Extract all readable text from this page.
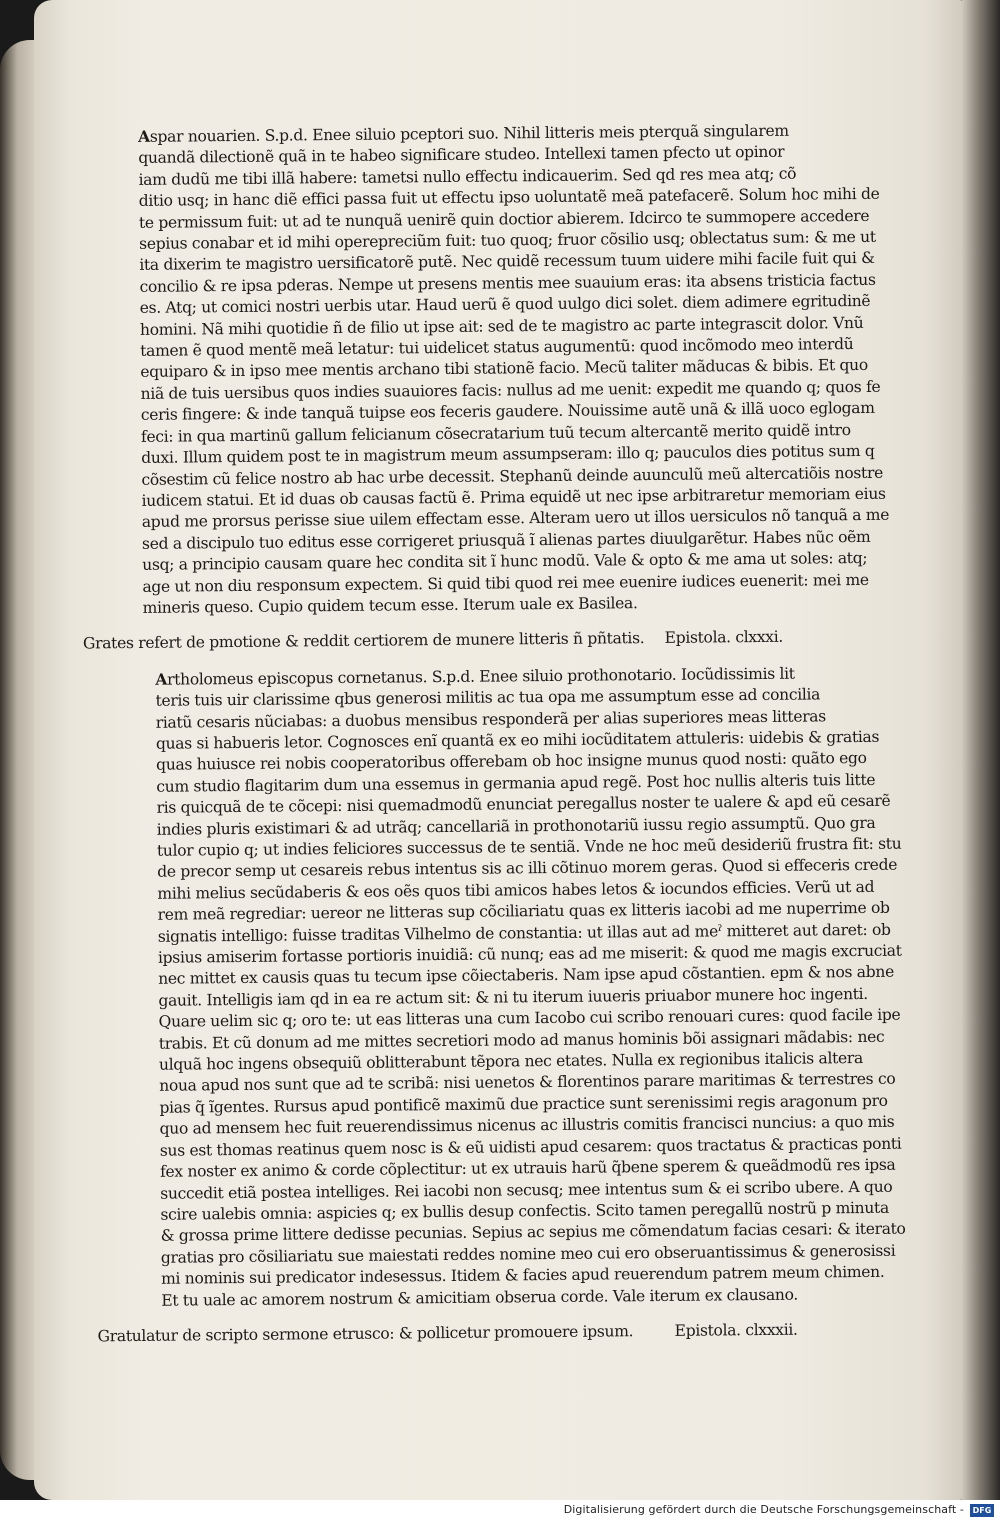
Aspar nouarien. S.p.d. Enee siluio pceptori suo. Nihil litteris meis pterquã singularem
quandã dilectionẽ quã in te habeo significare studeo. Intellexi tamen pfecto ut opinor
iam dudũ me tibi illã habere: tametsi nullo effectu indicauerim. Sed qd res mea atq; cõ
ditio usq; in hanc diẽ effici passa fuit ut effectu ipso uoluntatẽ meã patefacerẽ. Solum hoc mihi de
te permissum fuit: ut ad te nunquã uenirẽ quin doctior abierem. Idcirco te summopere accedere
sepius conabar et id mihi operepreciũm fuit: tuo quoq; fruor cõsilio usq; oblectatus sum: & me ut
ita dixerim te magistro uersificatorẽ putẽ. Nec quidẽ recessum tuum uidere mihi facile fuit qui &
concilio & re ipsa pderas. Nempe ut presens mentis mee suauium eras: ita absens tristicia factus
es. Atq; ut comici nostri uerbis utar. Haud uerũ ẽ quod uulgo dici solet. diem adimere egritudinẽ
homini. Nã mihi quotidie ñ de filio ut ipse ait: sed de te magistro ac parte integrascit dolor. Vnũ
tamen ẽ quod mentẽ meã letatur: tui uidelicet status augumentũ: quod incõmodo meo interdũ
equiparo & in ipso mee mentis archano tibi stationẽ facio. Mecũ taliter mãducas & bibis. Et quo
niã de tuis uersibus quos indies suauiores facis: nullus ad me uenit: expedit me quando q; quos fe
ceris fingere: & inde tanquã tuipse eos feceris gaudere. Nouissime autẽ unã & illã uoco eglogam
feci: in qua martinũ gallum felicianum cõsecratarium tuũ tecum altercantẽ merito quidẽ intro
duxi. Illum quidem post te in magistrum meum assumpseram: illo q; pauculos dies potitus sum q
cõsestim cũ felice nostro ab hac urbe decessit. Stephanũ deinde auunculũ meũ altercatiõis nostre
iudicem statui. Et id duas ob causas factũ ẽ. Prima equidẽ ut nec ipse arbitraretur memoriam eius
apud me prorsus perisse siue uilem effectam esse. Alteram uero ut illos uersiculos nõ tanquã a me
sed a discipulo tuo editus esse corrigeret priusquã ĩ alienas partes diuulgarẽtur. Habes nũc oẽm
usq; a principio causam quare hec condita sit ĩ hunc modũ. Vale & opto & me ama ut soles: atq;
age ut non diu responsum expectem. Si quid tibi quod rei mee euenire iudices euenerit: mei me
mineris queso. Cupio quidem tecum esse. Iterum uale ex Basilea.
Grates refert de pmotione & reddit certiorem de munere litteris ñ pñtatis. Epistola. clxxxi.
Artholomeus episcopus cornetanus. S.p.d. Enee siluio prothonotario. Iocũdissimis lit
teris tuis uir clarissime qbus generosi militis ac tua opa me assumptum esse ad concilia
riatũ cesaris nũciabas: a duobus mensibus responderã per alias superiores meas litteras
quas si habueris letor. Cognosces enĩ quantã ex eo mihi iocũditatem attuleris: uidebis & gratias
quas huiusce rei nobis cooperatoribus offerebam ob hoc insigne munus quod nosti: quãto ego
cum studio flagitarim dum una essemus in germania apud regẽ. Post hoc nullis alteris tuis litte
ris quicquã de te cõcepi: nisi quemadmodũ enunciat peregallus noster te ualere & apd eũ cesarẽ
indies pluris existimari & ad utrãq; cancellariã in prothonotariũ iussu regio assumptũ. Quo gra
tulor cupio q; ut indies feliciores successus de te sentiã. Vnde ne hoc meũ desideriũ frustra fit: stu
de precor semp ut cesareis rebus intentus sis ac illi cõtinuo morem geras. Quod si effeceris crede
mihi melius secũdaberis & eos oẽs quos tibi amicos habes letos & iocundos efficies. Verũ ut ad
rem meã regrediar: uereor ne litteras sup cõciliariatu quas ex litteris iacobi ad me nuperrime ob
signatis intelligo: fuisse traditas Vilhelmo de constantia: ut illas aut ad meˀ mitteret aut daret: ob
ipsius amiserim fortasse portioris inuidiã: cũ nunq; eas ad me miserit: & quod me magis excruciat
nec mittet ex causis quas tu tecum ipse cõiectaberis. Nam ipse apud cõstantien. epm & nos abne
gauit. Intelligis iam qd in ea re actum sit: & ni tu iterum iuueris priuabor munere hoc ingenti.
Quare uelim sic q; oro te: ut eas litteras una cum Iacobo cui scribo renouari cures: quod facile ipe
trabis. Et cũ donum ad me mittes secretiori modo ad manus hominis bõi assignari mãdabis: nec
ulquã hoc ingens obsequiũ oblitterabunt tẽpora nec etates. Nulla ex regionibus italicis altera
noua apud nos sunt que ad te scribã: nisi uenetos & florentinos parare maritimas & terrestres co
pias q̃ ĩgentes. Rursus apud pontificẽ maximũ due practice sunt serenissimi regis aragonum pro
quo ad mensem hec fuit reuerendissimus nicenus ac illustris comitis francisci nuncius: a quo mis
sus est thomas reatinus quem nosc is & eũ uidisti apud cesarem: quos tractatus & practicas ponti
fex noster ex animo & corde cõplectitur: ut ex utrauis harũ q̃bene sperem & queãdmodũ res ipsa
succedit etiã postea intelliges. Rei iacobi non secusq; mee intentus sum & ei scribo ubere. A quo
scire ualebis omnia: aspicies q; ex bullis desup confectis. Scito tamen peregallũ nostrũ p minuta
& grossa prime littere dedisse pecunias. Sepius ac sepius me cõmendatum facias cesari: & iterato
gratias pro cõsiliariatu sue maiestati reddes nomine meo cui ero obseruantissimus & generosissi
mi nominis sui predicator indesessus. Itidem & facies apud reuerendum patrem meum chimen.
Et tu uale ac amorem nostrum & amicitiam obserua corde. Vale iterum ex clausano.
Gratulatur de scripto sermone etrusco: & pollicetur promouere ipsum.	Epistola. clxxxii.
Digitalisierung gefördert durch die Deutsche Forschungsgemeinschaft -	DFG
